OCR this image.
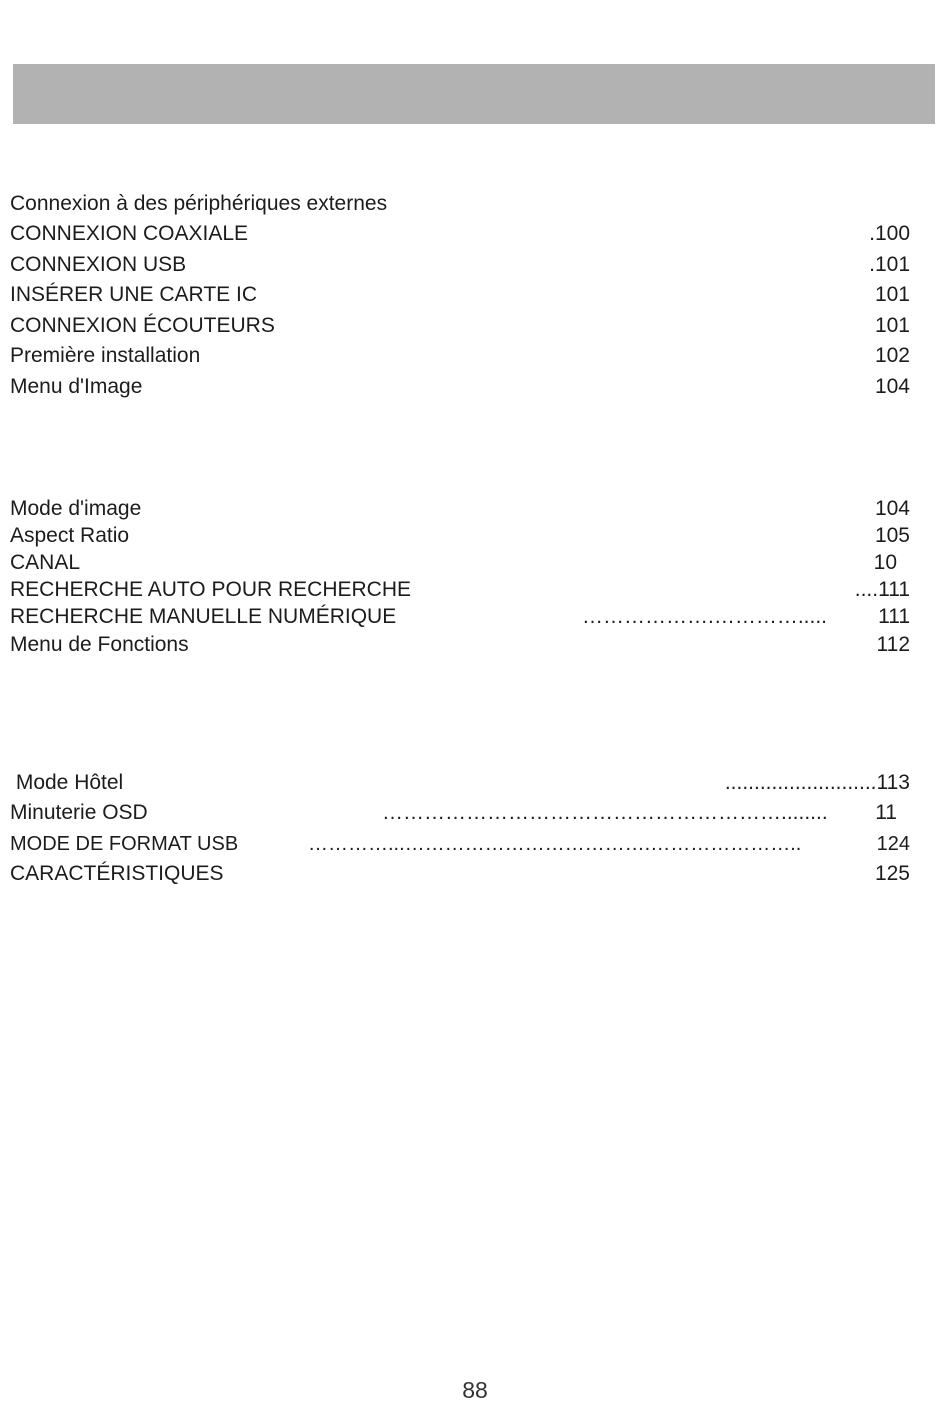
Connexion à des périphériques externes
CONNEXION COAXIALE	.100
CONNEXION USB	.101
INSÉRER UNE CARTE IC	101
CONNEXION ÉCOUTEURS	101
Première installation	102
Menu d'Image	104
Mode d'image	104
Aspect Ratio	105
CANAL	10
RECHERCHE AUTO POUR RECHERCHE	....111
RECHERCHE MANUELLE NUMÉRIQUE	……………….…………..... 111
Menu de Fonctions	112
Mode Hôtel	..........................113
Minuterie OSD	…………………………………………………........ 11
MODE DE FORMAT USB	…………...……………………………….…………………..	124
CARACTÉRISTIQUES	125
88
